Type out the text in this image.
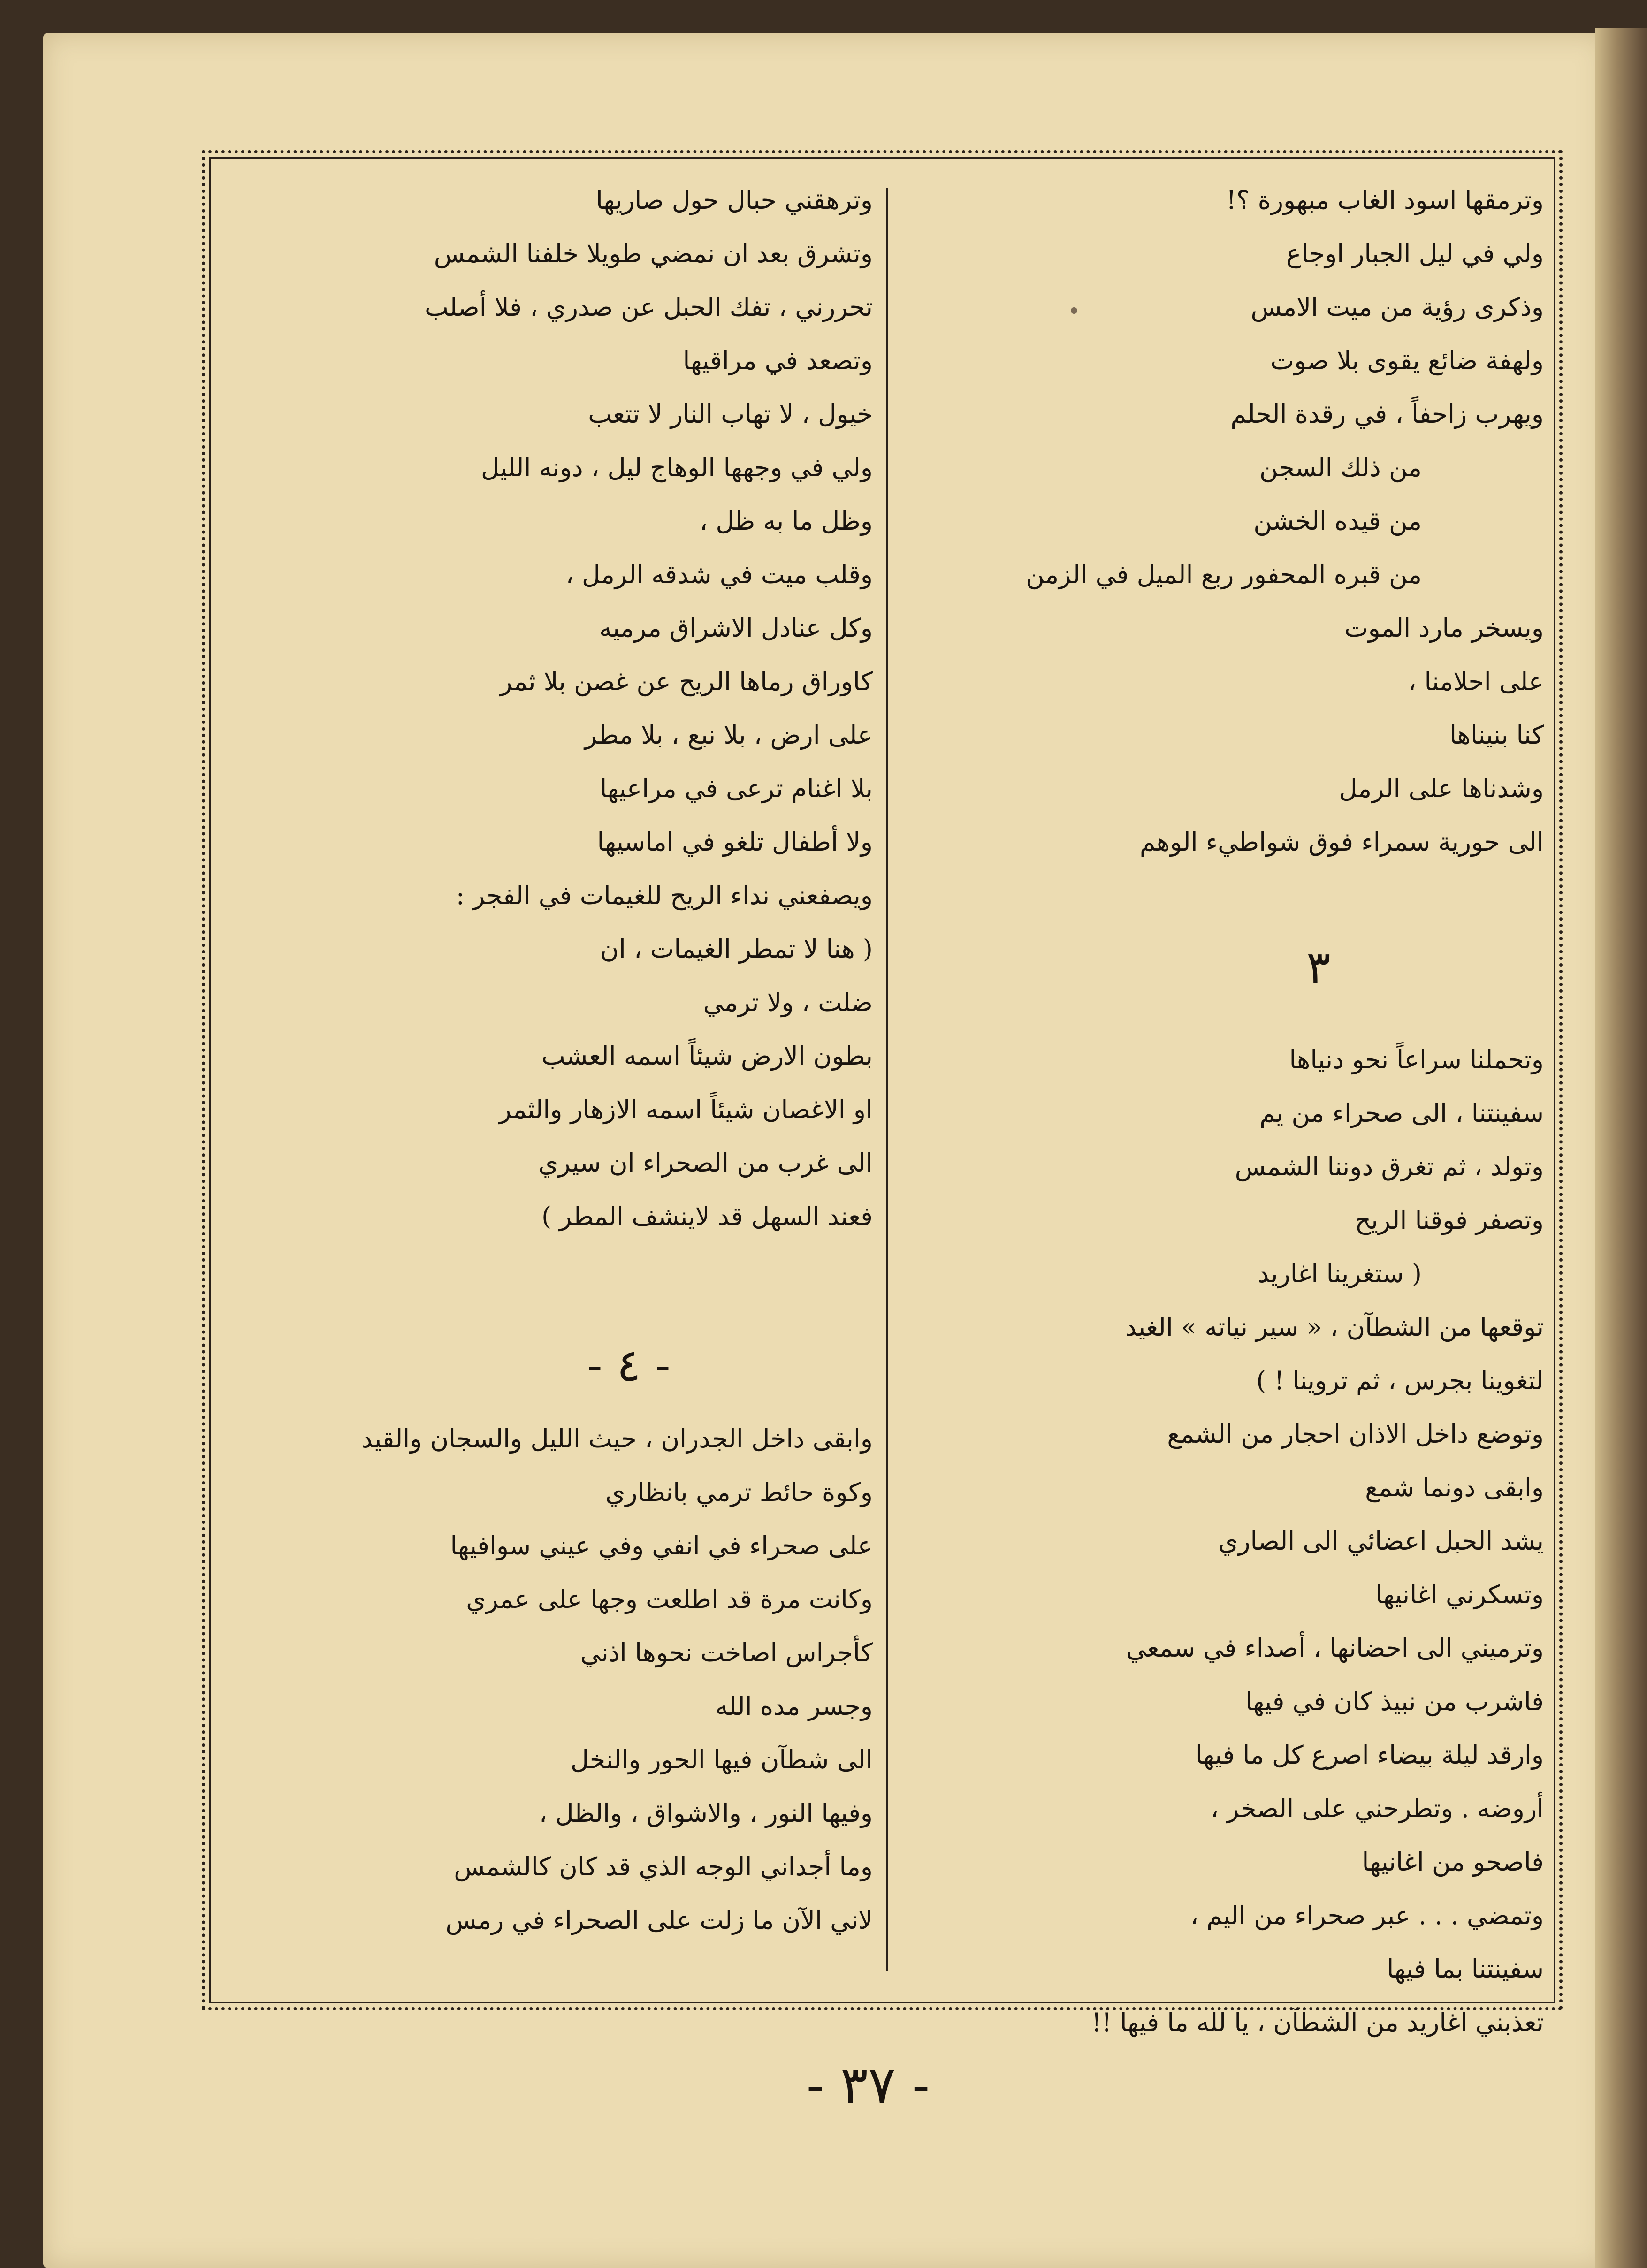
وترمقها اسود الغاب مبهورة ؟!
ولي في ليل الجبار اوجاع
وذكرى رؤية من ميت الامس
ولهفة ضائع يقوى بلا صوت
ويهرب زاحفاً ، في رقدة الحلم
من ذلك السجن
من قيده الخشن
من قبره المحفور ربع الميل في الزمن
ويسخر مارد الموت
على احلامنا ،
كنا بنيناها
وشدناها على الرمل
الى حورية سمراء فوق شواطيء الوهم
٣
وتحملنا سراعاً نحو دنياها
سفينتنا ، الى صحراء من يم
وتولد ، ثم تغرق دوننا الشمس
وتصفر فوقنا الريح
( ستغرينا اغاريد
توقعها من الشطآن ، « سير نياته » الغيد
لتغوينا بجرس ، ثم تروينا ! )
وتوضع داخل الاذان احجار من الشمع
وابقى دونما شمع
يشد الحبل اعضائي الى الصاري
وتسكرني اغانيها
وترميني الى احضانها ، أصداء في سمعي
فاشرب من نبيذ كان في فيها
وارقد ليلة بيضاء اصرع كل ما فيها
أروضه . وتطرحني على الصخر ،
فاصحو من اغانيها
وتمضي . . . عبر صحراء من اليم ،
سفينتنا بما فيها
تعذبني اغاريد من الشطآن ، يا لله ما فيها !!
وترهقني حبال حول صاريها
وتشرق بعد ان نمضي طويلا خلفنا الشمس
تحررني ، تفك الحبل عن صدري ، فلا أصلب
وتصعد في مراقيها
خيول ، لا تهاب النار لا تتعب
ولي في وجهها الوهاج ليل ، دونه الليل
وظل ما به ظل ،
وقلب ميت في شدقه الرمل ،
وكل عنادل الاشراق مرميه
كاوراق رماها الريح عن غصن بلا ثمر
على ارض ، بلا نبع ، بلا مطر
بلا اغنام ترعى في مراعيها
ولا أطفال تلغو في اماسيها
ويصفعني نداء الريح للغيمات في الفجر :
( هنا لا تمطر الغيمات ، ان
ضلت ، ولا ترمي
بطون الارض شيئاً اسمه العشب
او الاغصان شيئاً اسمه الازهار والثمر
الى غرب من الصحراء ان سيري
فعند السهل قد لاينشف المطر )
- ٤ -
وابقى داخل الجدران ، حيث الليل والسجان والقيد
وكوة حائط ترمي بانظاري
على صحراء في انفي وفي عيني سوافيها
وكانت مرة قد اطلعت وجها على عمري
كأجراس اصاخت نحوها اذني
وجسر مده الله
الى شطآن فيها الحور والنخل
وفيها النور ، والاشواق ، والظل ،
وما أجداني الوجه الذي قد كان كالشمس
لاني الآن ما زلت على الصحراء في رمس
- ٣٧ -
